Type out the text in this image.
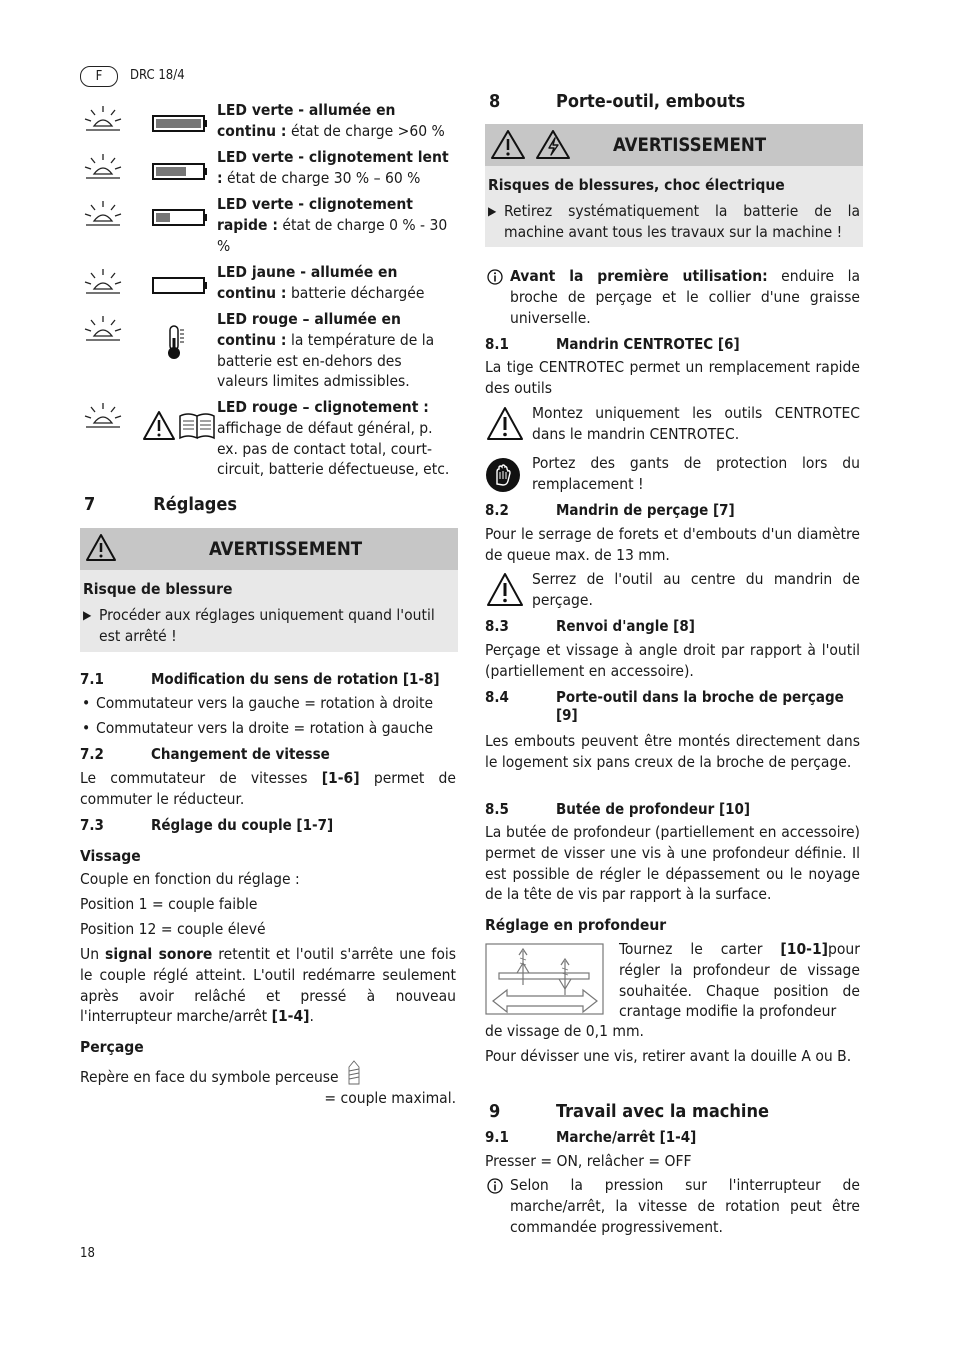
F	DRC 18/4
LED verte - allumée en continu : état de charge >60 %
LED verte - clignotement lent : état de charge 30 % – 60 %
LED verte - clignotement rapide : état de charge 0 % - 30 %
LED jaune - allumée en continu : batterie déchargée
LED rouge – allumée en continu : la température de la batterie est en-dehors des valeurs limites admissibles.
LED rouge – clignotement : affichage de défaut général, p. ex. pas de contact total, court-circuit, batterie défectueuse, etc.
7	Réglages
AVERTISSEMENT
Risque de blessure
▶ Procéder aux réglages uniquement quand l'outil est arrêté !
7.1	Modification du sens de rotation [1-8]
• Commutateur vers la gauche = rotation à droite
• Commutateur vers la droite = rotation à gauche
7.2	Changement de vitesse
Le commutateur de vitesses [1-6] permet de commuter le réducteur.
7.3	Réglage du couple [1-7]
Vissage
Couple en fonction du réglage :
Position 1 = couple faible
Position 12 = couple élevé
Un signal sonore retentit et l'outil s'arrête une fois le couple réglé atteint. L'outil redémarre seulement après avoir relâché et pressé à nouveau l'interrupteur marche/arrêt [1-4].
Perçage
Repère en face du symbole perceuse
= couple maximal.
8	Porte-outil, embouts
AVERTISSEMENT
Risques de blessures, choc électrique
▶ Retirez systématiquement la batterie de la machine avant tous les travaux sur la machine !
Avant la première utilisation: enduire la broche de perçage et le collier d'une graisse universelle.
8.1	Mandrin CENTROTEC [6]
La tige CENTROTEC permet un remplacement rapide des outils
Montez uniquement les outils CENTROTEC dans le mandrin CENTROTEC.
Portez des gants de protection lors du remplacement !
8.2	Mandrin de perçage [7]
Pour le serrage de forets et d'embouts d'un diamètre de queue max. de 13 mm.
Serrez de l'outil au centre du mandrin de perçage.
8.3	Renvoi d'angle [8]
Perçage et vissage à angle droit par rapport à l'outil (partiellement en accessoire).
8.4	Porte-outil dans la broche de perçage [9]
Les embouts peuvent être montés directement dans le logement six pans creux de la broche de perçage.
8.5	Butée de profondeur [10]
La butée de profondeur (partiellement en accessoire) permet de visser une vis à une profondeur définie. Il est possible de régler le dépassement ou le noyage de la tête de vis par rapport à la surface.
Réglage en profondeur
Tournez le carter [10-1]pour régler la profondeur de vissage souhaitée. Chaque position de crantage modifie la profondeur
de vissage de 0,1 mm.
Pour dévisser une vis, retirer avant la douille A ou B.
9	Travail avec la machine
9.1	Marche/arrêt [1-4]
Presser = ON, relâcher = OFF
Selon la pression sur l'interrupteur de marche/arrêt, la vitesse de rotation peut être commandée progressivement.
18
